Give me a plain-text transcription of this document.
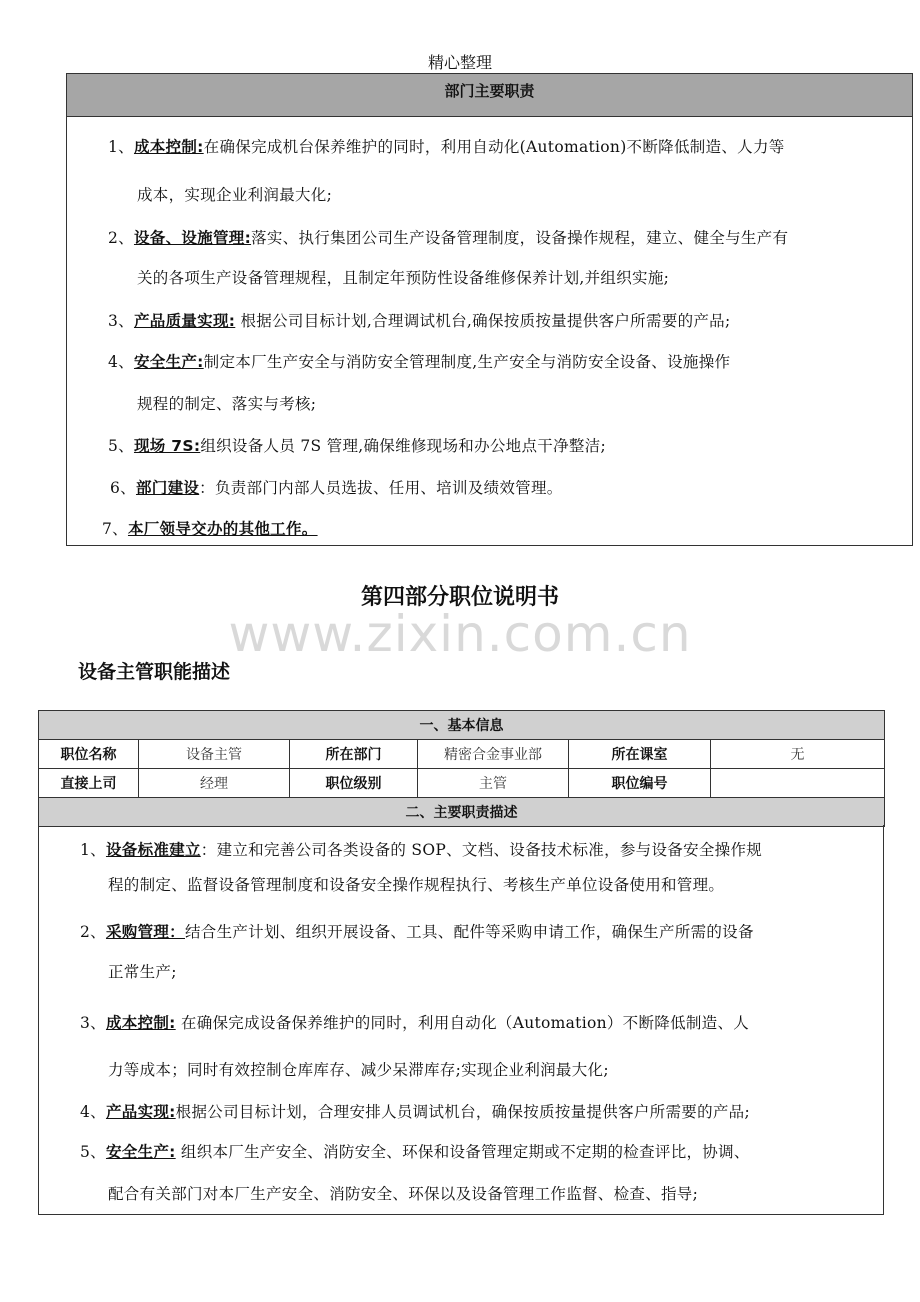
精心整理
部门主要职责
1、成本控制:在确保完成机台保养维护的同时，利用自动化(Automation)不断降低制造、人力等
成本，实现企业利润最大化;
2、设备、设施管理:落实、执行集团公司生产设备管理制度，设备操作规程，建立、健全与生产有
关的各项生产设备管理规程，且制定年预防性设备维修保养计划,并组织实施;
3、产品质量实现: 根据公司目标计划,合理调试机台,确保按质按量提供客户所需要的产品;
4、安全生产:制定本厂生产安全与消防安全管理制度,生产安全与消防安全设备、设施操作
规程的制定、落实与考核;
5、现场 7S:组织设备人员 7S 管理,确保维修现场和办公地点干净整洁;
6、部门建设：负责部门内部人员选拔、任用、培训及绩效管理。
7、本厂领导交办的其他工作。
第四部分职位说明书
www.zixin.com.cn
设备主管职能描述
一、基本信息					
职位名称	设备主管	所在部门	精密合金事业部	所在课室	无
直接上司	经理	职位级别	主管	职位编号	
二、主要职责描述					
1、设备标准建立：建立和完善公司各类设备的 SOP、文档、设备技术标准，参与设备安全操作规
程的制定、监督设备管理制度和设备安全操作规程执行、考核生产单位设备使用和管理。
2、采购管理：结合生产计划、组织开展设备、工具、配件等采购申请工作，确保生产所需的设备
正常生产;
3、成本控制: 在确保完成设备保养维护的同时，利用自动化（Automation）不断降低制造、人
力等成本；同时有效控制仓库库存、减少呆滞库存;实现企业利润最大化;
4、产品实现:根据公司目标计划，合理安排人员调试机台，确保按质按量提供客户所需要的产品;
5、安全生产: 组织本厂生产安全、消防安全、环保和设备管理定期或不定期的检查评比，协调、
配合有关部门对本厂生产安全、消防安全、环保以及设备管理工作监督、检查、指导;
